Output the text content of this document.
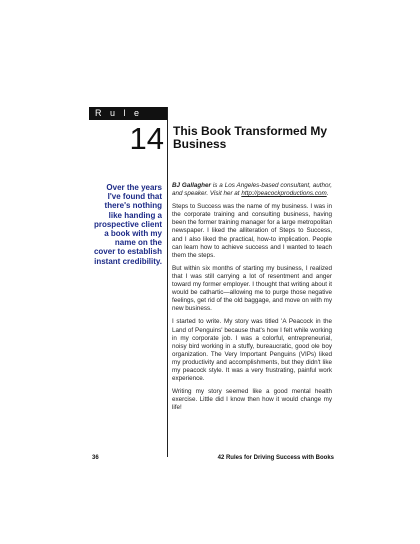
R u l e
14 This Book Transformed My Business
Over the years I've found that there's nothing like handing a prospective client a book with my name on the cover to establish instant credibility.

BJ Gallagher is a Los Angeles-based consultant, author, and speaker. Visit her at http://peacockproductions.com.

Steps to Success was the name of my business. I was in the corporate training and consulting business, having been the former training manager for a large metropolitan newspaper. I liked the alliteration of Steps to Success, and I also liked the practical, how-to implication. People can learn how to achieve success and I wanted to teach them the steps.

But within six months of starting my business, I realized that I was still carrying a lot of resentment and anger toward my former employer. I thought that writing about it would be cathartic—allowing me to purge those negative feelings, get rid of the old baggage, and move on with my new business.

I started to write. My story was titled 'A Peacock in the Land of Penguins' because that's how I felt while working in my corporate job. I was a colorful, entrepreneurial, noisy bird working in a stuffy, bureaucratic, good ole boy organization. The Very Important Penguins (VIPs) liked my productivity and accomplishments, but they didn't like my peacock style. It was a very frustrating, painful work experience.

Writing my story seemed like a good mental health exercise. Little did I know then how it would change my life!

36	42 Rules for Driving Success with Books
